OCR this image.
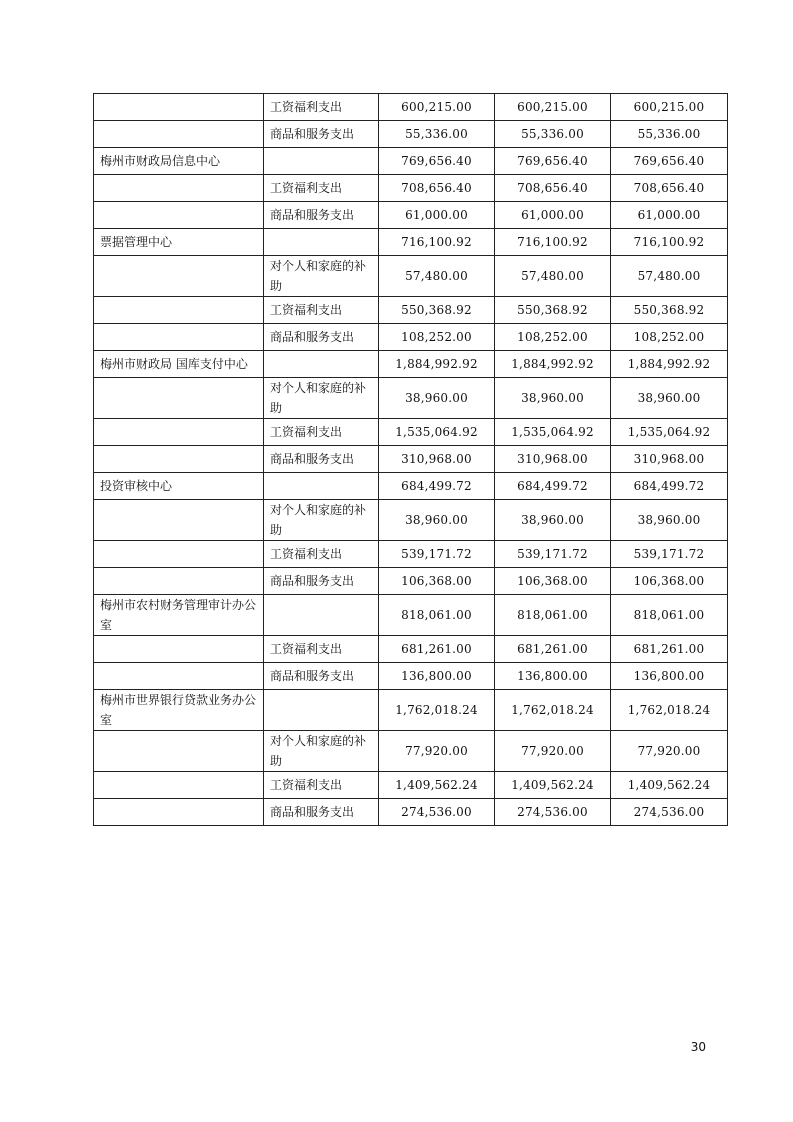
	工资福利支出	600,215.00	600,215.00	600,215.00
	商品和服务支出	55,336.00	55,336.00	55,336.00
梅州市财政局信息中心		769,656.40	769,656.40	769,656.40
	工资福利支出	708,656.40	708,656.40	708,656.40
	商品和服务支出	61,000.00	61,000.00	61,000.00
票据管理中心		716,100.92	716,100.92	716,100.92
	对个人和家庭的补助	57,480.00	57,480.00	57,480.00
	工资福利支出	550,368.92	550,368.92	550,368.92
	商品和服务支出	108,252.00	108,252.00	108,252.00
梅州市财政局 国库支付中心		1,884,992.92	1,884,992.92	1,884,992.92
	对个人和家庭的补助	38,960.00	38,960.00	38,960.00
	工资福利支出	1,535,064.92	1,535,064.92	1,535,064.92
	商品和服务支出	310,968.00	310,968.00	310,968.00
投资审核中心		684,499.72	684,499.72	684,499.72
	对个人和家庭的补助	38,960.00	38,960.00	38,960.00
	工资福利支出	539,171.72	539,171.72	539,171.72
	商品和服务支出	106,368.00	106,368.00	106,368.00
梅州市农村财务管理审计办公室		818,061.00	818,061.00	818,061.00
	工资福利支出	681,261.00	681,261.00	681,261.00
	商品和服务支出	136,800.00	136,800.00	136,800.00
梅州市世界银行贷款业务办公室		1,762,018.24	1,762,018.24	1,762,018.24
	对个人和家庭的补助	77,920.00	77,920.00	77,920.00
	工资福利支出	1,409,562.24	1,409,562.24	1,409,562.24
	商品和服务支出	274,536.00	274,536.00	274,536.00
30
